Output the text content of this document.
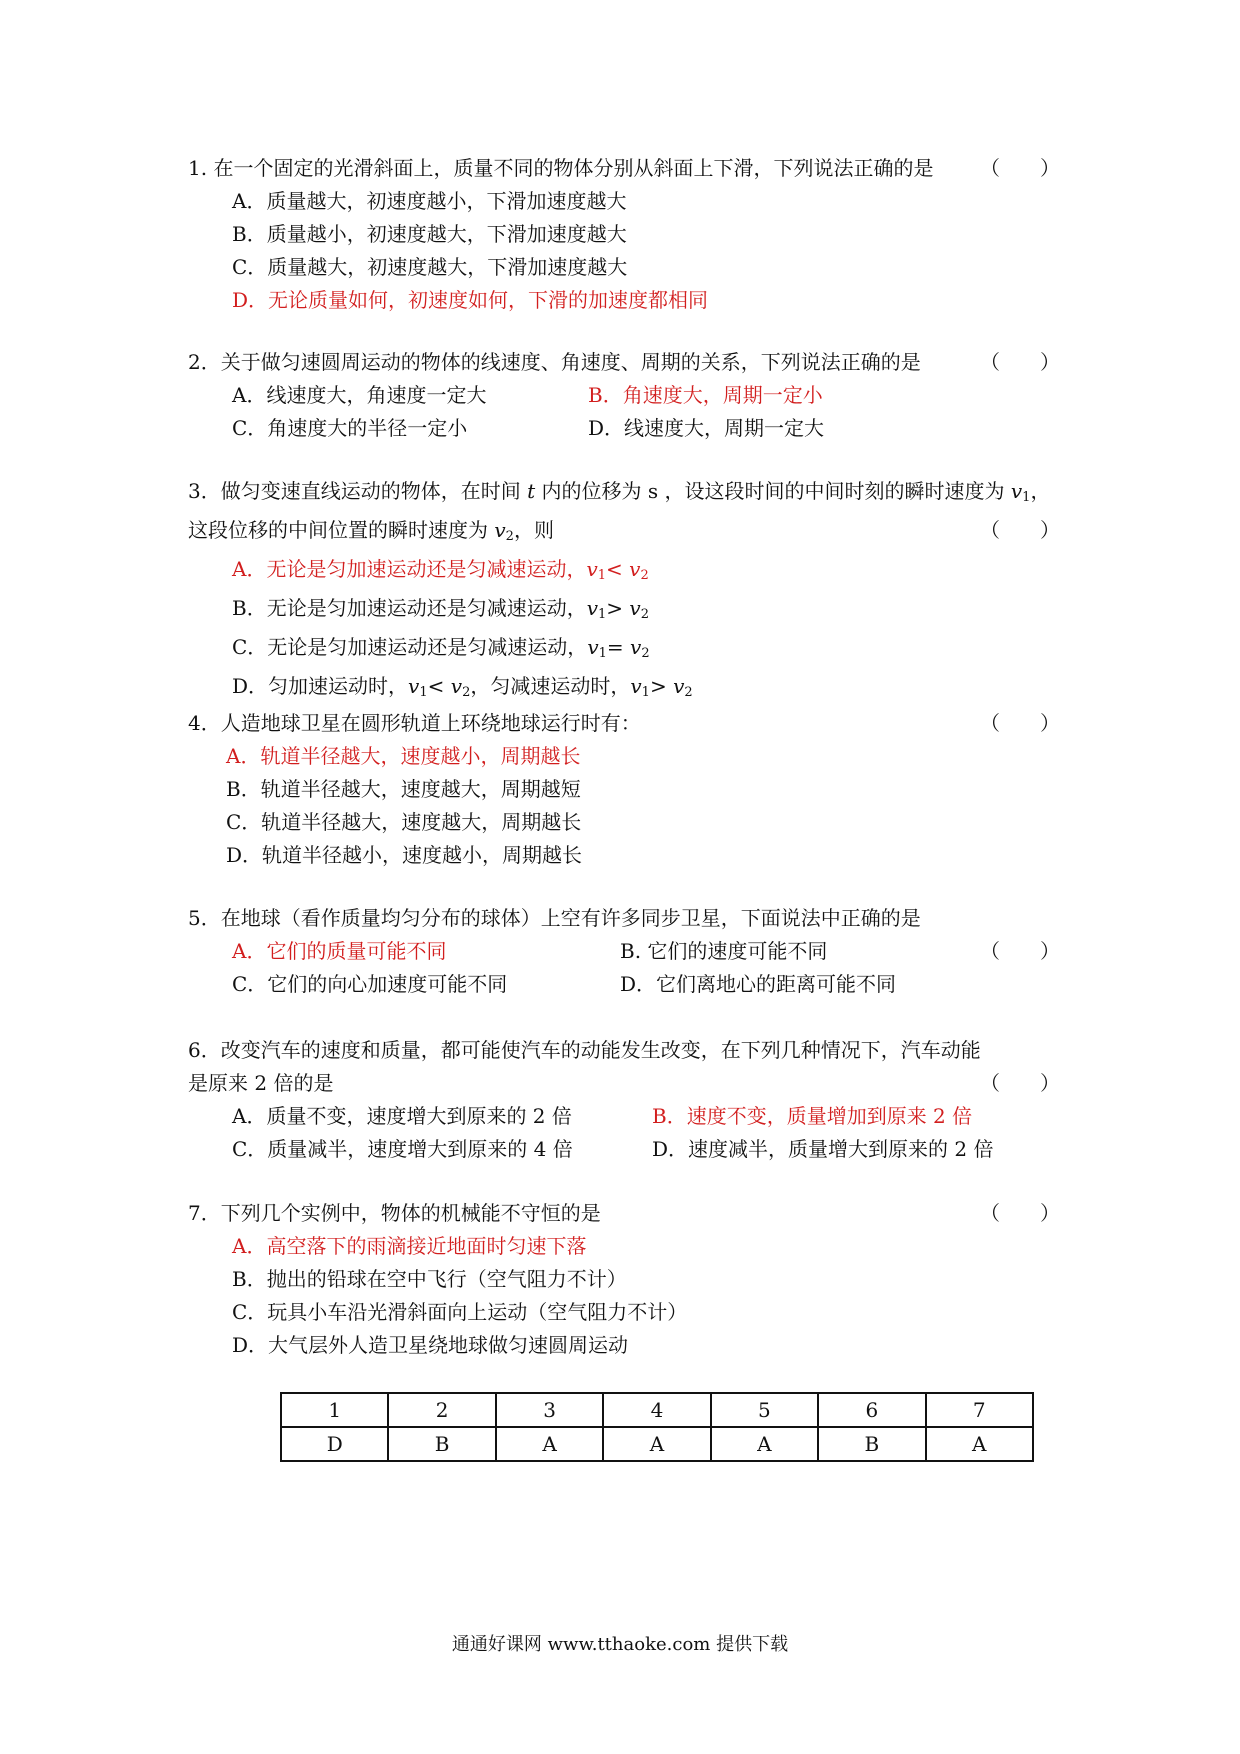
1. 在一个固定的光滑斜面上，质量不同的物体分别从斜面上下滑，下列说法正确的是 （　　）
A．质量越大，初速度越小，下滑加速度越大
B．质量越小，初速度越大，下滑加速度越大
C．质量越大，初速度越大，下滑加速度越大
D．无论质量如何，初速度如何，下滑的加速度都相同
2．关于做匀速圆周运动的物体的线速度、角速度、周期的关系，下列说法正确的是	（　　）
A．线速度大，角速度一定大	B．角速度大，周期一定小
C．角速度大的半径一定小	D．线速度大，周期一定大
3．做匀变速直线运动的物体，在时间 t 内的位移为 s ，设这段时间的中间时刻的瞬时速度为 $v_1$，这段位移的中间位置的瞬时速度为 $v_2$，则	（　　）
A．无论是匀加速运动还是匀减速运动，$v_1< v_2$
B．无论是匀加速运动还是匀减速运动，$v_1> v_2$
C．无论是匀加速运动还是匀减速运动，$v_1= v_2$
D．匀加速运动时，$v_1< v_2$，匀减速运动时，$v_1> v_2$
4．人造地球卫星在圆形轨道上环绕地球运行时有：	（　　）
A．轨道半径越大，速度越小，周期越长
B．轨道半径越大，速度越大，周期越短
C．轨道半径越大，速度越大，周期越长
D．轨道半径越小，速度越小，周期越长
5．在地球（看作质量均匀分布的球体）上空有许多同步卫星，下面说法中正确的是
A．它们的质量可能不同	B. 它们的速度可能不同	（　　）
C．它们的向心加速度可能不同	D．它们离地心的距离可能不同
6．改变汽车的速度和质量，都可能使汽车的动能发生改变，在下列几种情况下，汽车动能
是原来 2 倍的是	（　　）
A．质量不变，速度增大到原来的 2 倍	B．速度不变，质量增加到原来 2 倍
C．质量减半，速度增大到原来的 4 倍	D．速度减半，质量增大到原来的 2 倍
7．下列几个实例中，物体的机械能不守恒的是	（　　）
A．高空落下的雨滴接近地面时匀速下落
B．抛出的铅球在空中飞行（空气阻力不计）
C．玩具小车沿光滑斜面向上运动（空气阻力不计）
D．大气层外人造卫星绕地球做匀速圆周运动
1	2	3	4	5	6	7
D	B	A	A	A	B	A
通通好课网 www.tthaoke.com 提供下载
